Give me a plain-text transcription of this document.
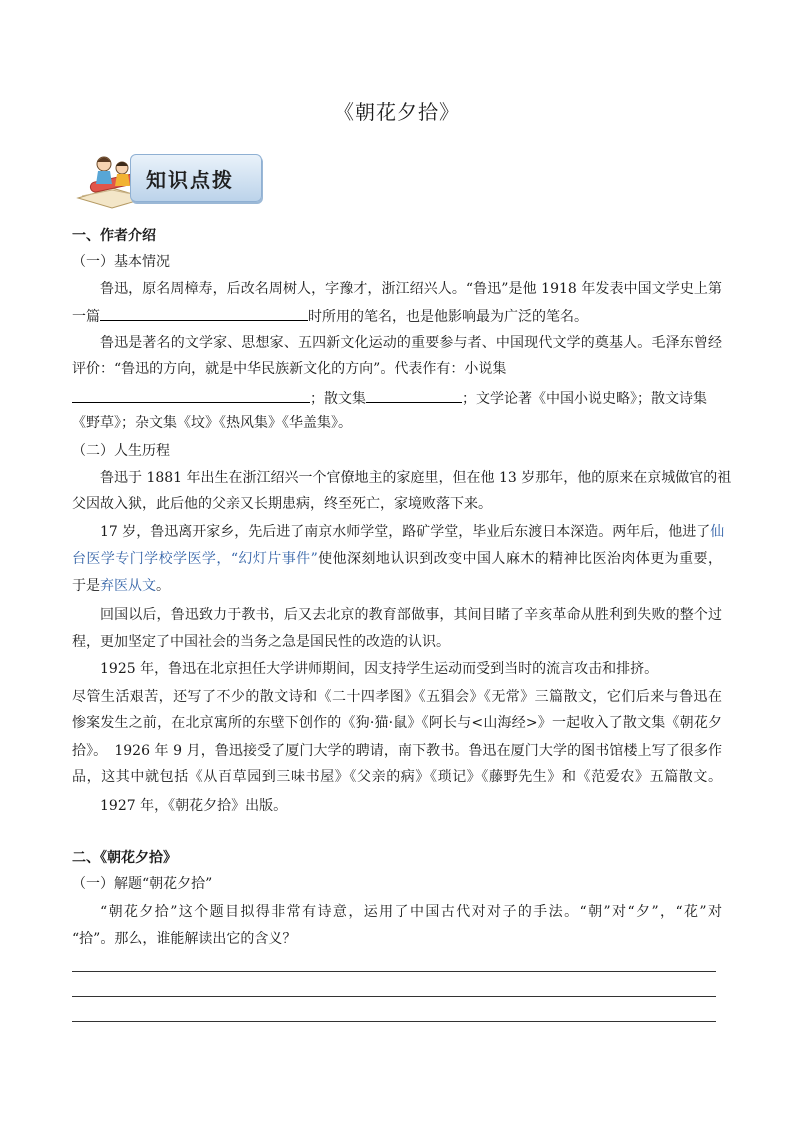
《朝花夕拾》
知识点拨
一、作者介绍
（一）基本情况
鲁迅，原名周樟寿，后改名周树人，字豫才，浙江绍兴人。“鲁迅”是他 1918 年发表中国文学史上第
一篇	时所用的笔名，也是他影响最为广泛的笔名。
鲁迅是著名的文学家、思想家、五四新文化运动的重要参与者、中国现代文学的奠基人。毛泽东曾经
评价：“鲁迅的方向，就是中华民族新文化的方向”。代表作有：小说集
；散文集	；文学论著《中国小说史略》；散文诗集
《野草》；杂文集《坟》《热风集》《华盖集》。
（二）人生历程
鲁迅于 1881 年出生在浙江绍兴一个官僚地主的家庭里，但在他 13 岁那年，他的原来在京城做官的祖
父因故入狱，此后他的父亲又长期患病，终至死亡，家境败落下来。
17 岁，鲁迅离开家乡，先后进了南京水师学堂，路矿学堂，毕业后东渡日本深造。两年后，他进了仙
台医学专门学校学医学，“幻灯片事件”使他深刻地认识到改变中国人麻木的精神比医治肉体更为重要，
于是弃医从文。
回国以后，鲁迅致力于教书，后又去北京的教育部做事，其间目睹了辛亥革命从胜利到失败的整个过
程，更加坚定了中国社会的当务之急是国民性的改造的认识。
1925 年，鲁迅在北京担任大学讲师期间，因支持学生运动而受到当时的流言攻击和排挤。
尽管生活艰苦，还写了不少的散文诗和《二十四孝图》《五猖会》《无常》三篇散文，它们后来与鲁迅在
惨案发生之前，在北京寓所的东壁下创作的《狗·猫·鼠》《阿长与<山海经>》一起收入了散文集《朝花夕
拾》。　1926 年 9 月，鲁迅接受了厦门大学的聘请，南下教书。鲁迅在厦门大学的图书馆楼上写了很多作
品，这其中就包括《从百草园到三味书屋》《父亲的病》《琐记》《藤野先生》和《范爱农》五篇散文。
1927 年，《朝花夕拾》出版。
二、《朝花夕拾》
（一）解题“朝花夕拾”
“朝花夕拾”这个题目拟得非常有诗意，运用了中国古代对对子的手法。“朝”对“夕”，“花”对
“拾”。那么，谁能解读出它的含义？
